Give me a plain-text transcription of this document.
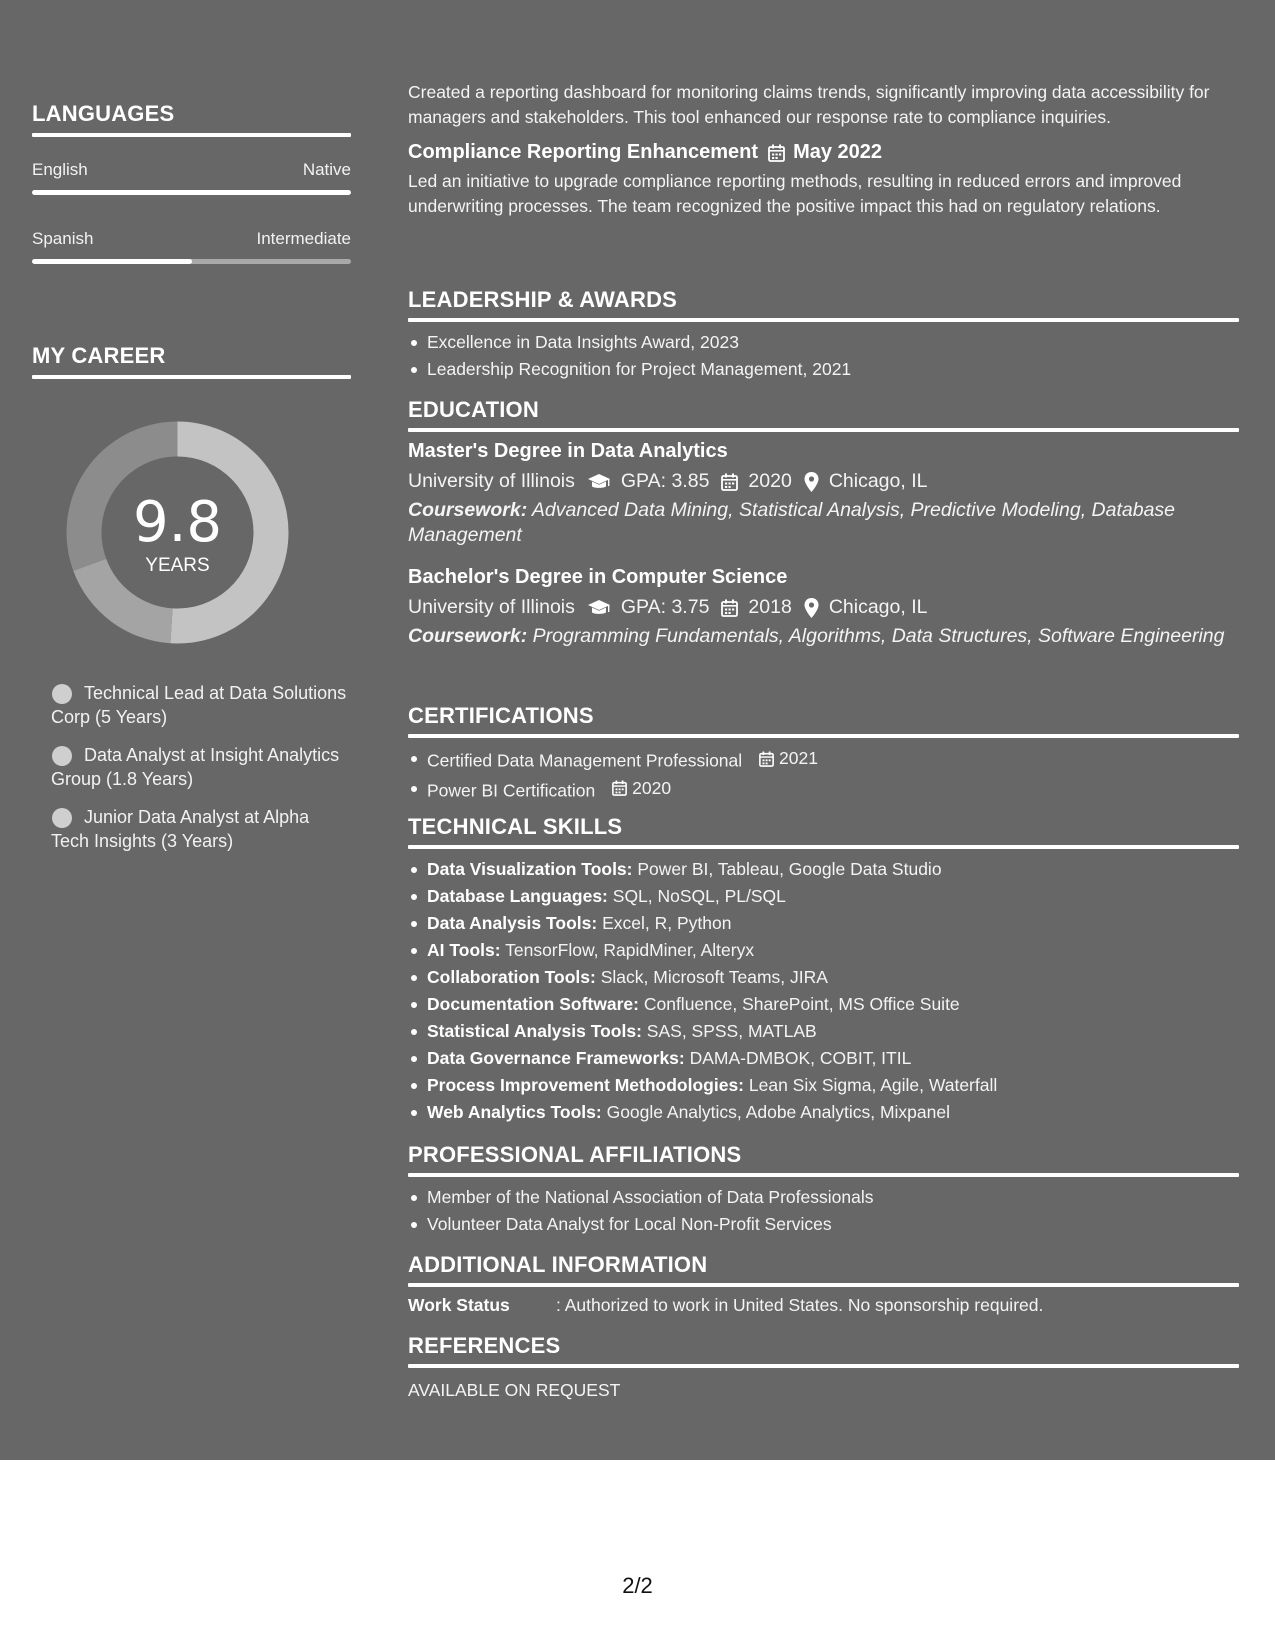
LANGUAGES
English	Native
Spanish	Intermediate
MY CAREER
9.8
YEARS
Technical Lead at Data Solutions Corp (5 Years)
Data Analyst at Insight Analytics Group (1.8 Years)
Junior Data Analyst at Alpha Tech Insights (3 Years)

Created a reporting dashboard for monitoring claims trends, significantly improving data accessibility for managers and stakeholders. This tool enhanced our response rate to compliance inquiries.

Compliance Reporting Enhancement May 2022

Led an initiative to upgrade compliance reporting methods, resulting in reduced errors and improved underwriting processes. The team recognized the positive impact this had on regulatory relations.

LEADERSHIP & AWARDS
Excellence in Data Insights Award, 2023
Leadership Recognition for Project Management, 2021
EDUCATION
Master's Degree in Data Analytics
University of Illinois GPA: 3.85 2020 Chicago, IL
Coursework: Advanced Data Mining, Statistical Analysis, Predictive Modeling, Database Management
Bachelor's Degree in Computer Science
University of Illinois GPA: 3.75 2018 Chicago, IL
Coursework: Programming Fundamentals, Algorithms, Data Structures, Software Engineering
CERTIFICATIONS
Certified Data Management Professional 2021
Power BI Certification 2020
TECHNICAL SKILLS
Data Visualization Tools: Power BI, Tableau, Google Data Studio
Database Languages: SQL, NoSQL, PL/SQL
Data Analysis Tools: Excel, R, Python
AI Tools: TensorFlow, RapidMiner, Alteryx
Collaboration Tools: Slack, Microsoft Teams, JIRA
Documentation Software: Confluence, SharePoint, MS Office Suite
Statistical Analysis Tools: SAS, SPSS, MATLAB
Data Governance Frameworks: DAMA-DMBOK, COBIT, ITIL
Process Improvement Methodologies: Lean Six Sigma, Agile, Waterfall
Web Analytics Tools: Google Analytics, Adobe Analytics, Mixpanel
PROFESSIONAL AFFILIATIONS
Member of the National Association of Data Professionals
Volunteer Data Analyst for Local Non-Profit Services
ADDITIONAL INFORMATION
Work Status	: Authorized to work in United States. No sponsorship required.
REFERENCES
AVAILABLE ON REQUEST
2/2
